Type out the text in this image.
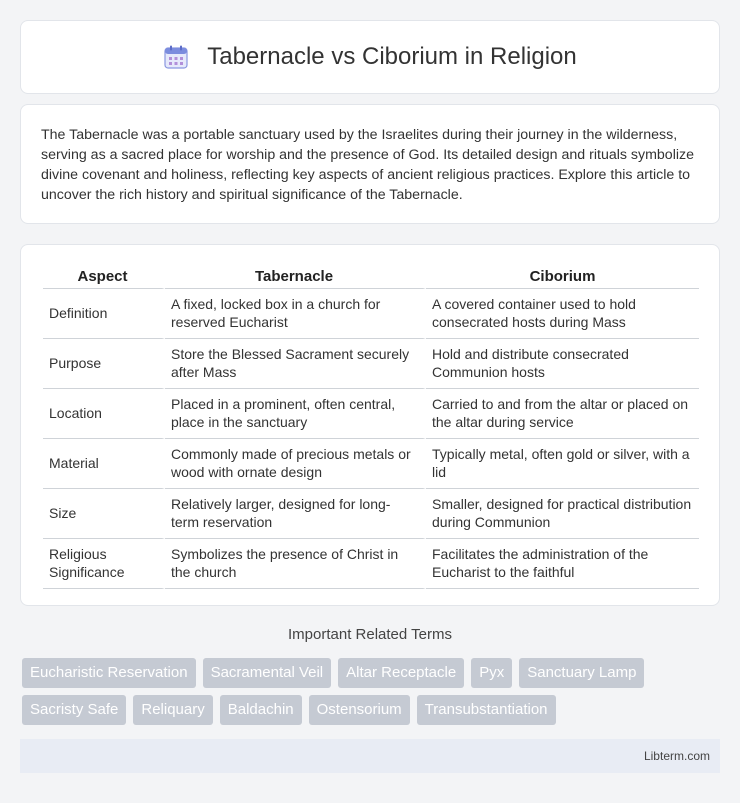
Tabernacle vs Ciborium in Religion

The Tabernacle was a portable sanctuary used by the Israelites during their journey in the wilderness, serving as a sacred place for worship and the presence of God. Its detailed design and rituals symbolize divine covenant and holiness, reflecting key aspects of ancient religious practices. Explore this article to uncover the rich history and spiritual significance of the Tabernacle.

Aspect	Tabernacle	Ciborium
Definition	A fixed, locked box in a church for reserved Eucharist	A covered container used to hold consecrated hosts during Mass
Purpose	Store the Blessed Sacrament securely after Mass	Hold and distribute consecrated Communion hosts
Location	Placed in a prominent, often central, place in the sanctuary	Carried to and from the altar or placed on the altar during service
Material	Commonly made of precious metals or wood with ornate design	Typically metal, often gold or silver, with a lid
Size	Relatively larger, designed for long-term reservation	Smaller, designed for practical distribution during Communion
Religious Significance	Symbolizes the presence of Christ in the church	Facilitates the administration of the Eucharist to the faithful
Important Related Terms
Eucharistic Reservation	Sacramental Veil	Altar Receptacle	Pyx	Sanctuary Lamp
Sacristy Safe	Reliquary	Baldachin	Ostensorium	Transubstantiation
Libterm.com
